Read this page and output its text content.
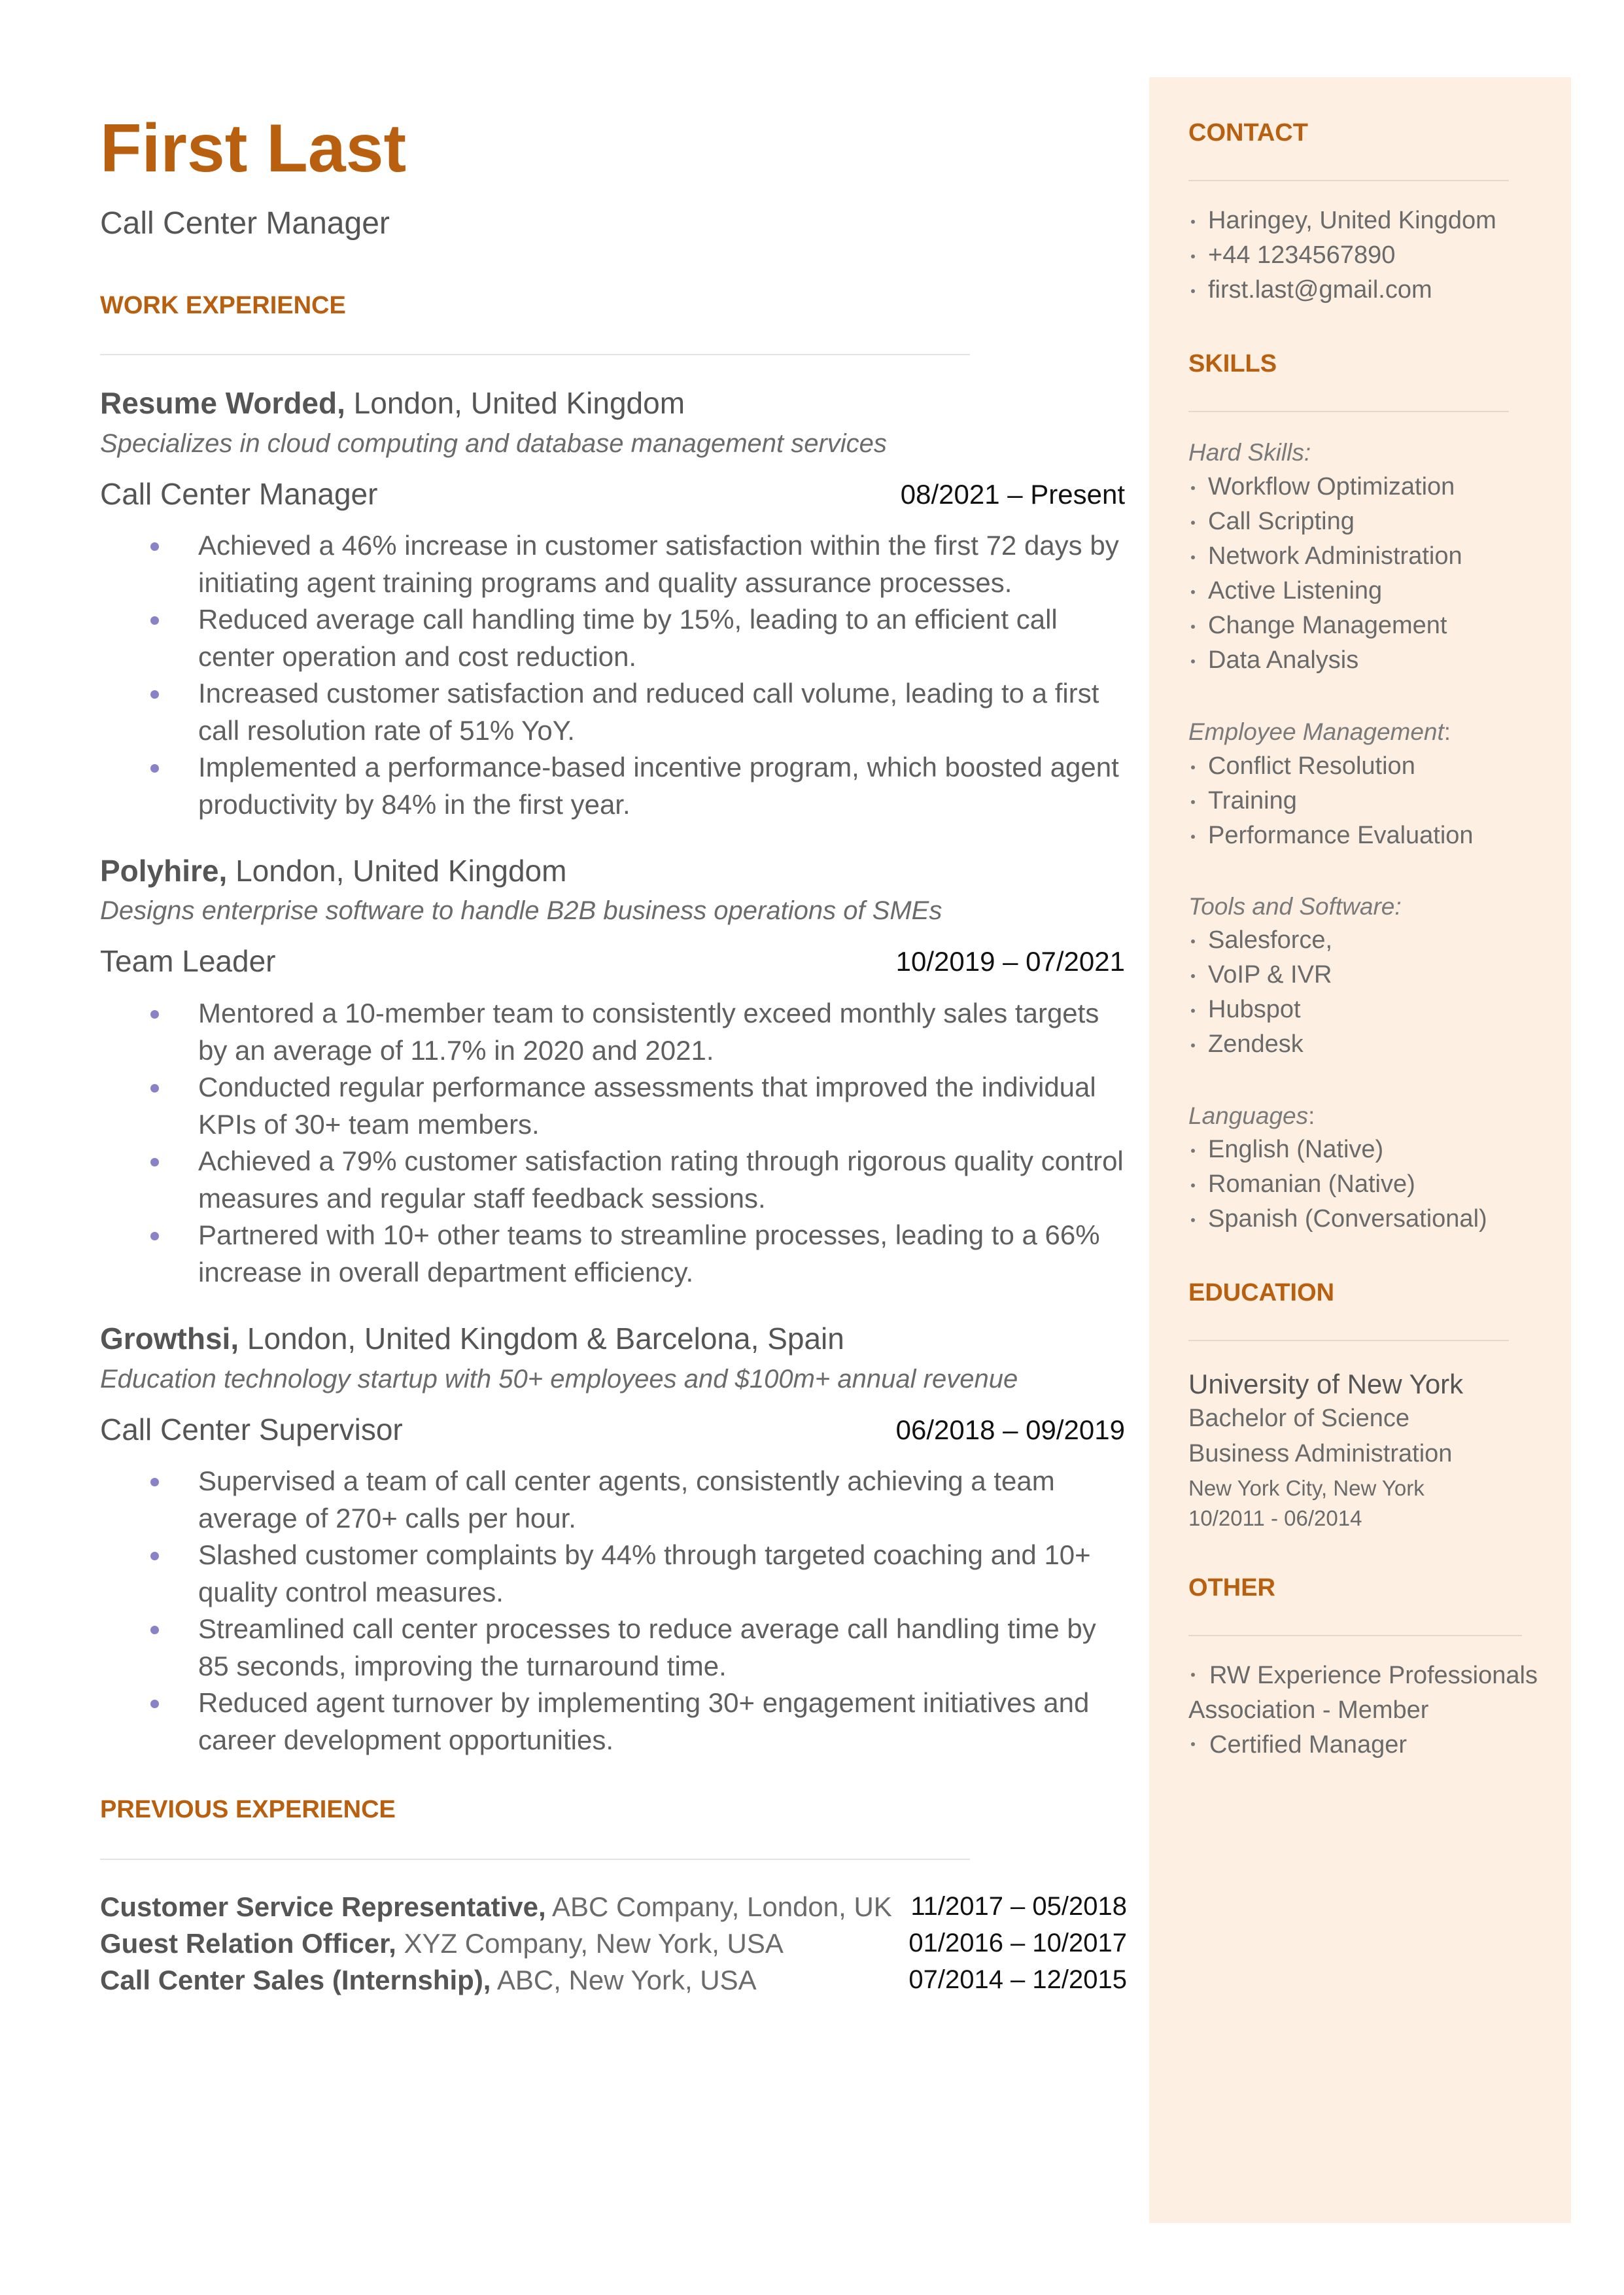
First Last
Call Center Manager
WORK EXPERIENCE
Resume Worded, London, United Kingdom
Specializes in cloud computing and database management services
Call Center Manager	08/2021 – Present
Achieved a 46% increase in customer satisfaction within the first 72 days by initiating agent training programs and quality assurance processes.
Reduced average call handling time by 15%, leading to an efficient call center operation and cost reduction.
Increased customer satisfaction and reduced call volume, leading to a first call resolution rate of 51% YoY.
Implemented a performance-based incentive program, which boosted agent productivity by 84% in the first year.
Polyhire, London, United Kingdom
Designs enterprise software to handle B2B business operations of SMEs
Team Leader	10/2019 – 07/2021
Mentored a 10-member team to consistently exceed monthly sales targets by an average of 11.7% in 2020 and 2021.
Conducted regular performance assessments that improved the individual KPIs of 30+ team members.
Achieved a 79% customer satisfaction rating through rigorous quality control measures and regular staff feedback sessions.
Partnered with 10+ other teams to streamline processes, leading to a 66% increase in overall department efficiency.
Growthsi, London, United Kingdom & Barcelona, Spain
Education technology startup with 50+ employees and $100m+ annual revenue
Call Center Supervisor	06/2018 – 09/2019
Supervised a team of call center agents, consistently achieving a team average of 270+ calls per hour.
Slashed customer complaints by 44% through targeted coaching and 10+ quality control measures.
Streamlined call center processes to reduce average call handling time by 85 seconds, improving the turnaround time.
Reduced agent turnover by implementing 30+ engagement initiatives and career development opportunities.
PREVIOUS EXPERIENCE
Customer Service Representative, ABC Company, London, UK 11/2017 – 05/2018
Guest Relation Officer, XYZ Company, New York, USA	01/2016 – 10/2017
Call Center Sales (Internship), ABC, New York, USA	07/2014 – 12/2015
CONTACT
Haringey, United Kingdom
+44 1234567890
first.last@gmail.com
SKILLS
Hard Skills:
Workflow Optimization
Call Scripting
Network Administration
Active Listening
Change Management
Data Analysis
Employee Management:
Conflict Resolution
Training
Performance Evaluation
Tools and Software:
Salesforce,
VoIP & IVR
Hubspot
Zendesk
Languages:
English (Native)
Romanian (Native)
Spanish (Conversational)
EDUCATION
University of New York
Bachelor of Science
Business Administration
New York City, New York
10/2011 - 06/2014
OTHER
RW Experience Professionals Association - Member
Certified Manager
